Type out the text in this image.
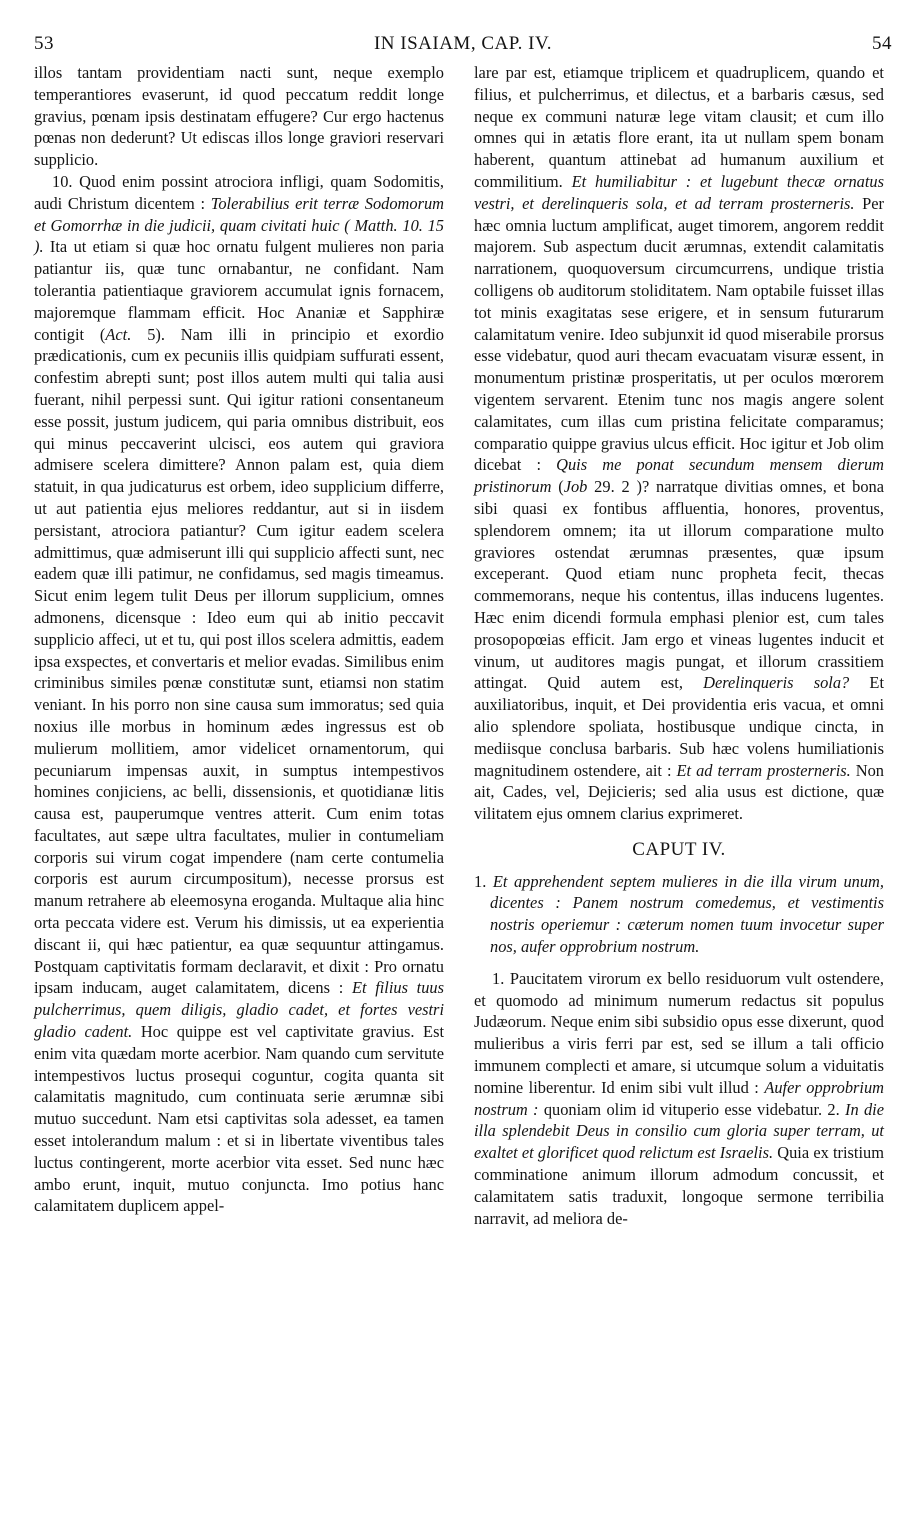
53	IN ISAIAM, CAP. IV.	54

illos tantam providentiam nacti sunt, neque exemplo temperantiores evaserunt, id quod peccatum reddit longe gravius, pœnam ipsis destinatam effugere? Cur ergo hactenus pœnas non dederunt? Ut ediscas illos longe graviori reservari supplicio.

10. Quod enim possint atrociora infligi, quam Sodomitis, audi Christum dicentem : Tolerabilius erit terræ Sodomorum et Gomorrhæ in die judicii, quam civitati huic ( Matth. 10. 15 ). Ita ut etiam si quæ hoc ornatu fulgent mulieres non paria patiantur iis, quæ tunc ornabantur, ne confidant. Nam tolerantia patientiaque graviorem accumulat ignis fornacem, majoremque flammam efficit. Hoc Ananiæ et Sapphiræ contigit (Act. 5). Nam illi in principio et exordio prædicationis, cum ex pecuniis illis quidpiam suffurati essent, confestim abrepti sunt; post illos autem multi qui talia ausi fuerant, nihil perpessi sunt. Qui igitur rationi consentaneum esse possit, justum judicem, qui paria omnibus distribuit, eos qui minus peccaverint ulcisci, eos autem qui graviora admisere scelera dimittere? Annon palam est, quia diem statuit, in qua judicaturus est orbem, ideo supplicium differre, ut aut patientia ejus meliores reddantur, aut si in iisdem persistant, atrociora patiantur? Cum igitur eadem scelera admittimus, quæ admiserunt illi qui supplicio affecti sunt, nec eadem quæ illi patimur, ne confidamus, sed magis timeamus. Sicut enim legem tulit Deus per illorum supplicium, omnes admonens, dicensque : Ideo eum qui ab initio peccavit supplicio affeci, ut et tu, qui post illos scelera admittis, eadem ipsa exspectes, et convertaris et melior evadas. Similibus enim criminibus similes pœnæ constitutæ sunt, etiamsi non statim veniant. In his porro non sine causa sum immoratus; sed quia noxius ille morbus in hominum ædes ingressus est ob mulierum mollitiem, amor videlicet ornamentorum, qui pecuniarum impensas auxit, in sumptus intempestivos homines conjiciens, ac belli, dissensionis, et quotidianæ litis causa est, pauperumque ventres atterit. Cum enim totas facultates, aut sæpe ultra facultates, mulier in contumeliam corporis sui virum cogat impendere (nam certe contumelia corporis est aurum circumpositum), necesse prorsus est manum retrahere ab eleemosyna eroganda. Multaque alia hinc orta peccata videre est. Verum his dimissis, ut ea experientia discant ii, qui hæc patientur, ea quæ sequuntur attingamus. Postquam captivitatis formam declaravit, et dixit : Pro ornatu ipsam inducam, auget calamitatem, dicens : Et filius tuus pulcherrimus, quem diligis, gladio cadet, et fortes vestri gladio cadent. Hoc quippe est vel captivitate gravius. Est enim vita quædam morte acerbior. Nam quando cum servitute intempestivos luctus prosequi coguntur, cogita quanta sit calamitatis magnitudo, cum continuata serie ærumnæ sibi mutuo succedunt. Nam etsi captivitas sola adesset, ea tamen esset intolerandum malum : et si in libertate viventibus tales luctus contingerent, morte acerbior vita esset. Sed nunc hæc ambo erunt, inquit, mutuo conjuncta. Imo potius hanc calamitatem duplicem appel-

lare par est, etiamque triplicem et quadruplicem, quando et filius, et pulcherrimus, et dilectus, et a barbaris cæsus, sed neque ex communi naturæ lege vitam clausit; et cum illo omnes qui in ætatis flore erant, ita ut nullam spem bonam haberent, quantum attinebat ad humanum auxilium et commilitium. Et humiliabitur : et lugebunt thecæ ornatus vestri, et derelinqueris sola, et ad terram prosterneris. Per hæc omnia luctum amplificat, auget timorem, angorem reddit majorem. Sub aspectum ducit ærumnas, extendit calamitatis narrationem, quoquoversum circumcurrens, undique tristia colligens ob auditorum stoliditatem. Nam optabile fuisset illas tot minis exagitatas sese erigere, et in sensum futurarum calamitatum venire. Ideo subjunxit id quod miserabile prorsus esse videbatur, quod auri thecam evacuatam visuræ essent, in monumentum pristinæ prosperitatis, ut per oculos mœrorem vigentem servarent. Etenim tunc nos magis angere solent calamitates, cum illas cum pristina felicitate comparamus; comparatio quippe gravius ulcus efficit. Hoc igitur et Job olim dicebat : Quis me ponat secundum mensem dierum pristinorum (Job 29. 2 )? narratque divitias omnes, et bona sibi quasi ex fontibus affluentia, honores, proventus, splendorem omnem; ita ut illorum comparatione multo graviores ostendat ærumnas præsentes, quæ ipsum exceperant. Quod etiam nunc propheta fecit, thecas commemorans, neque his contentus, illas inducens lugentes. Hæc enim dicendi formula emphasi plenior est, cum tales prosopopœias efficit. Jam ergo et vineas lugentes inducit et vinum, ut auditores magis pungat, et illorum crassitiem attingat. Quid autem est, Derelinqueris sola? Et auxiliatoribus, inquit, et Dei providentia eris vacua, et omni alio splendore spoliata, hostibusque undique cincta, in mediisque conclusa barbaris. Sub hæc volens humiliationis magnitudinem ostendere, ait : Et ad terram prosterneris. Non ait, Cades, vel, Dejicieris; sed alia usus est dictione, quæ vilitatem ejus omnem clarius exprimeret.

CAPUT IV.

1. Et apprehendent septem mulieres in die illa virum unum, dicentes : Panem nostrum comedemus, et vestimentis nostris operiemur : cæterum nomen tuum invocetur super nos, aufer opprobrium nostrum.

1. Paucitatem virorum ex bello residuorum vult ostendere, et quomodo ad minimum numerum redactus sit populus Judæorum. Neque enim sibi subsidio opus esse dixerunt, quod mulieribus a viris ferri par est, sed se illum a tali officio immunem complecti et amare, si utcumque solum a viduitatis nomine liberentur. Id enim sibi vult illud : Aufer opprobrium nostrum : quoniam olim id vituperio esse videbatur. 2. In die illa splendebit Deus in consilio cum gloria super terram, ut exaltet et glorificet quod relictum est Israelis. Quia ex tristium comminatione animum illorum admodum concussit, et calamitatem satis traduxit, longoque sermone terribilia narravit, ad meliora de-
